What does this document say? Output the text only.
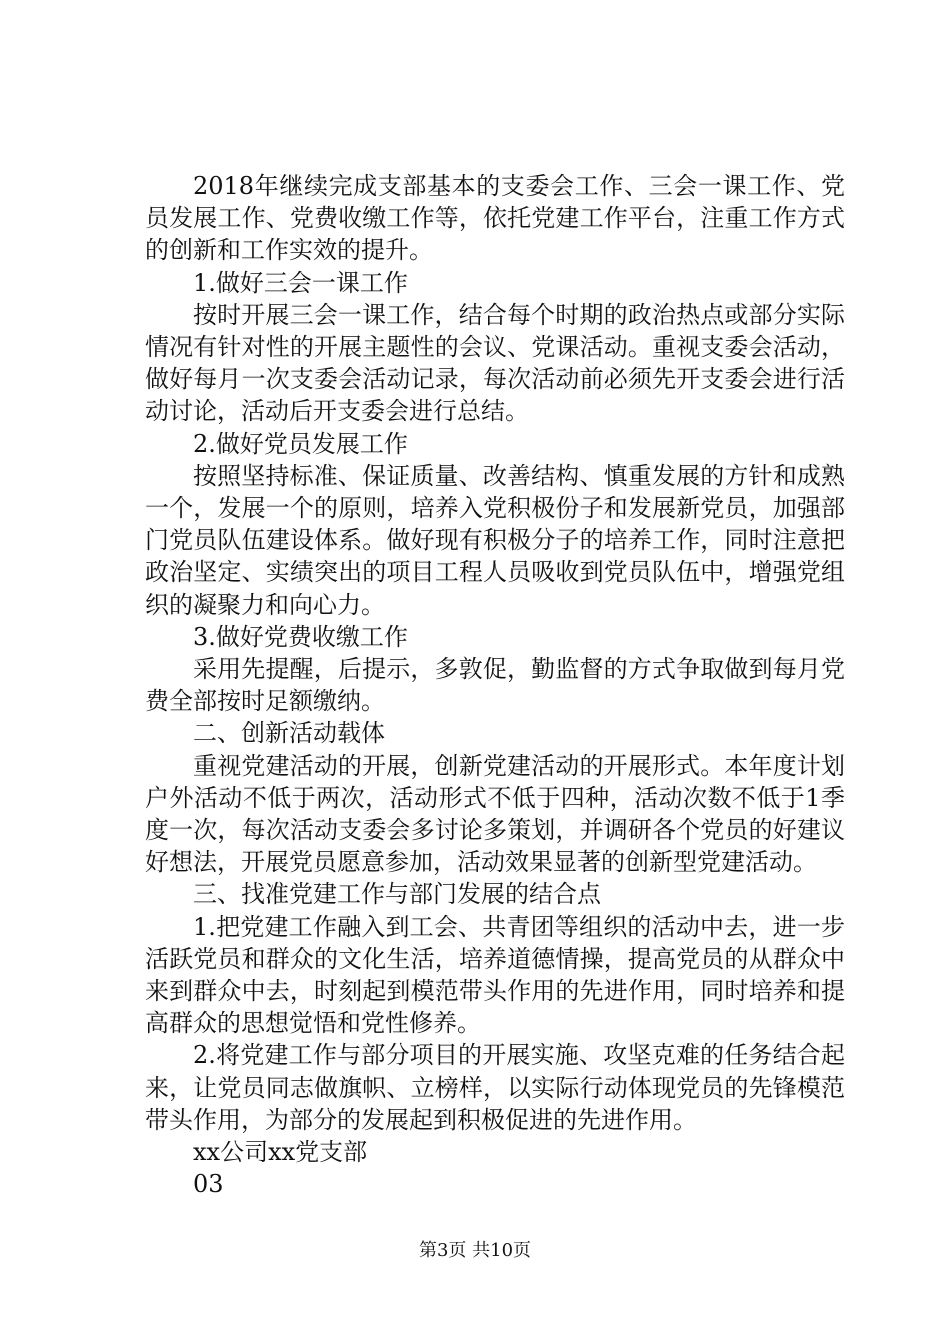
2018年继续完成支部基本的支委会工作、三会一课工作、党员发展工作、党费收缴工作等，依托党建工作平台，注重工作方式的创新和工作实效的提升。

1.做好三会一课工作

按时开展三会一课工作，结合每个时期的政治热点或部分实际情况有针对性的开展主题性的会议、党课活动。重视支委会活动，做好每月一次支委会活动记录，每次活动前必须先开支委会进行活动讨论，活动后开支委会进行总结。

2.做好党员发展工作

按照坚持标准、保证质量、改善结构、慎重发展的方针和成熟一个，发展一个的原则，培养入党积极份子和发展新党员，加强部门党员队伍建设体系。做好现有积极分子的培养工作，同时注意把政治坚定、实绩突出的项目工程人员吸收到党员队伍中，增强党组织的凝聚力和向心力。

3.做好党费收缴工作

采用先提醒，后提示，多敦促，勤监督的方式争取做到每月党费全部按时足额缴纳。

二、创新活动载体

重视党建活动的开展，创新党建活动的开展形式。本年度计划户外活动不低于两次，活动形式不低于四种，活动次数不低于1季度一次，每次活动支委会多讨论多策划，并调研各个党员的好建议好想法，开展党员愿意参加，活动效果显著的创新型党建活动。

三、找准党建工作与部门发展的结合点

1.把党建工作融入到工会、共青团等组织的活动中去，进一步活跃党员和群众的文化生活，培养道德情操，提高党员的从群众中来到群众中去，时刻起到模范带头作用的先进作用，同时培养和提高群众的思想觉悟和党性修养。

2.将党建工作与部分项目的开展实施、攻坚克难的任务结合起来，让党员同志做旗帜、立榜样，以实际行动体现党员的先锋模范带头作用，为部分的发展起到积极促进的先进作用。

xx公司xx党支部

03

第3页 共10页
